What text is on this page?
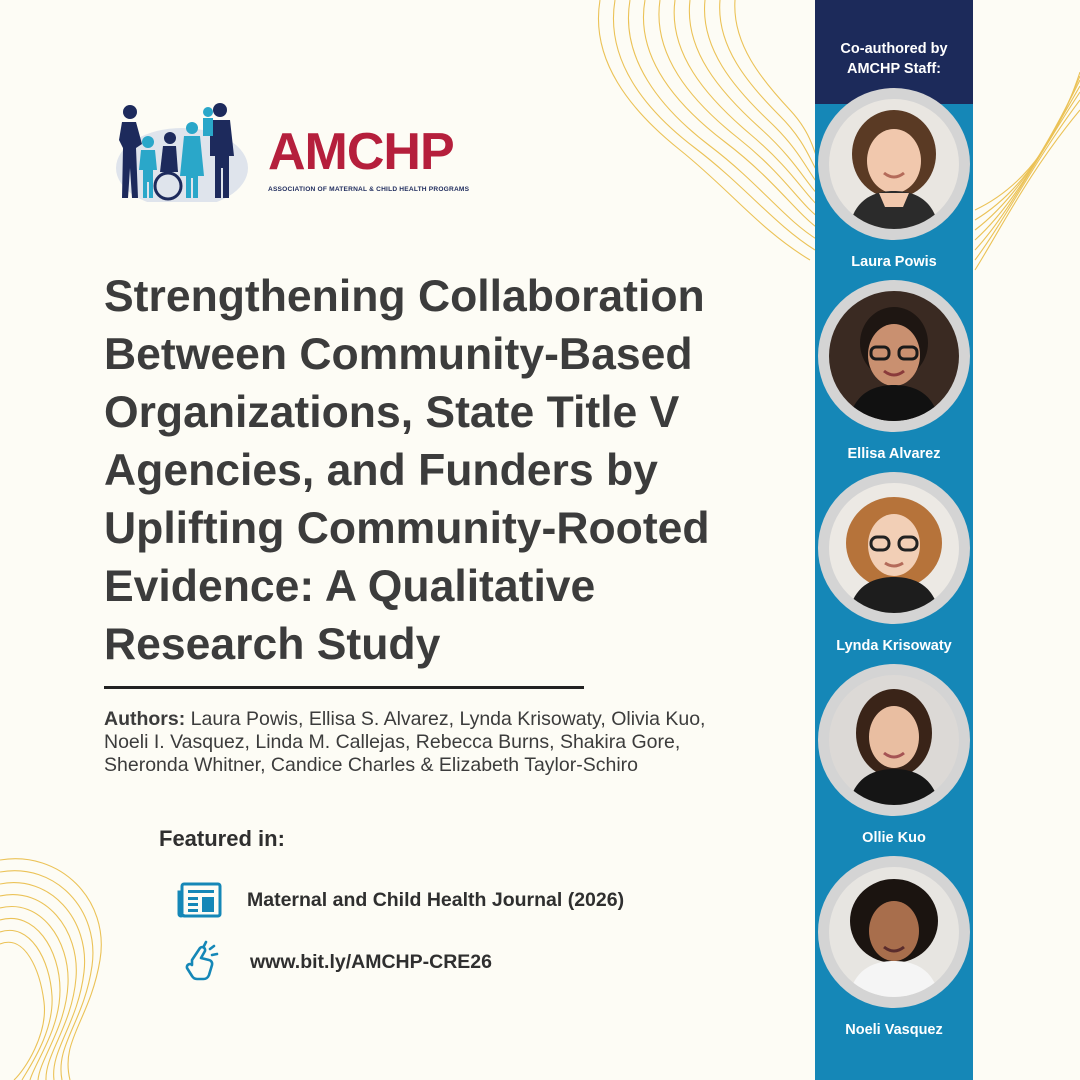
AMCHP
ASSOCIATION OF MATERNAL & CHILD HEALTH PROGRAMS
Strengthening Collaboration
Between Community-Based
Organizations, State Title V
Agencies, and Funders by
Uplifting Community-Rooted
Evidence: A Qualitative
Research Study
Authors: Laura Powis, Ellisa S. Alvarez, Lynda Krisowaty, Olivia Kuo, Noeli I. Vasquez, Linda M. Callejas, Rebecca Burns, Shakira Gore, Sheronda Whitner, Candice Charles & Elizabeth Taylor-Schiro
Featured in:
Maternal and Child Health Journal (2026)
www.bit.ly/AMCHP-CRE26
Co-authored by AMCHP Staff:
Laura Powis
Ellisa Alvarez
Lynda Krisowaty
Ollie Kuo
Noeli Vasquez
